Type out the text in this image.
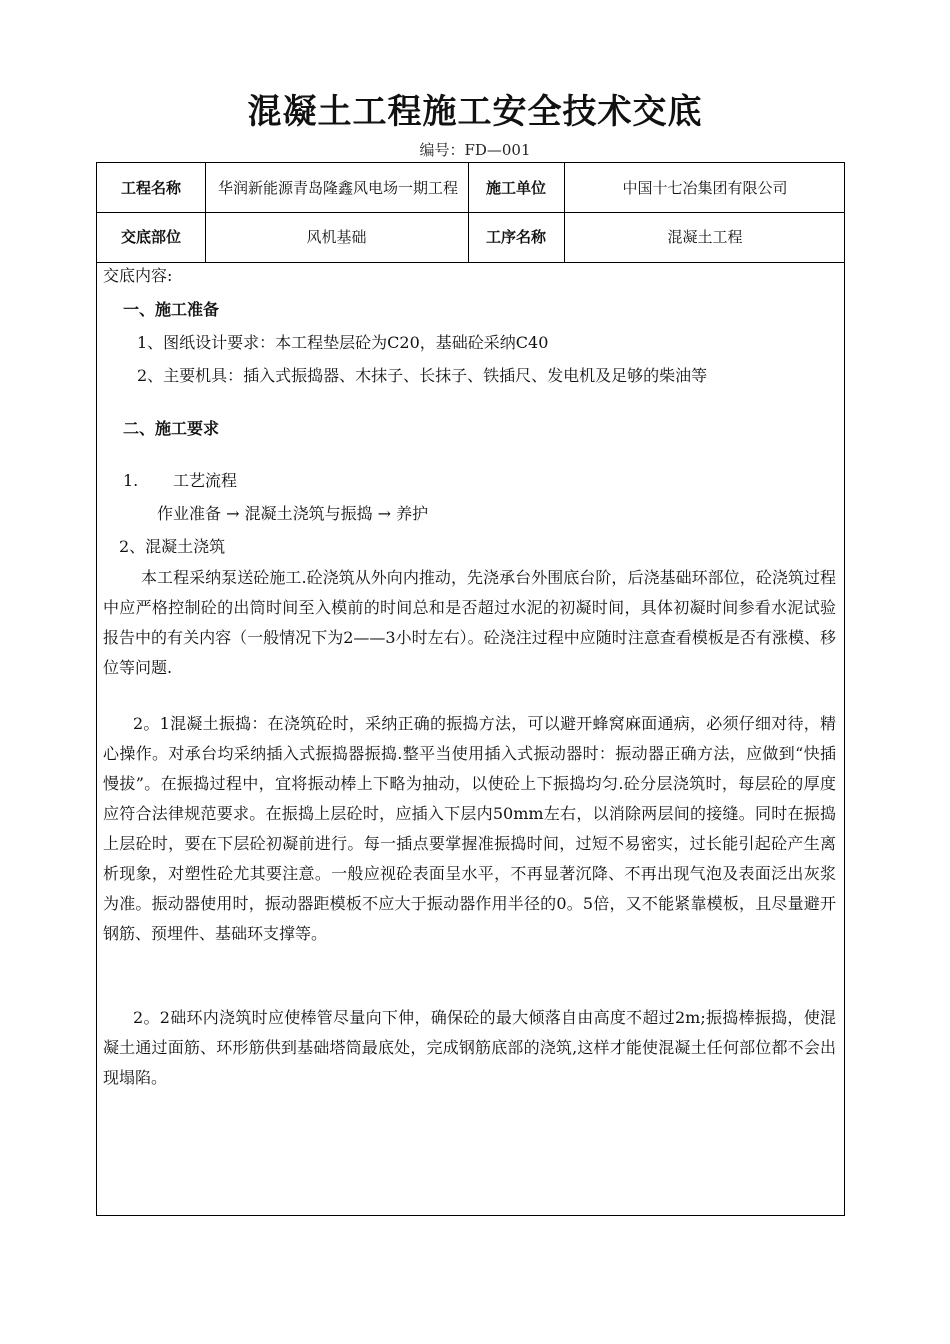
混凝土工程施工安全技术交底
编号：FD—001
工程名称	华润新能源青岛隆鑫风电场一期工程	施工单位	中国十七冶集团有限公司
交底部位	风机基础	工序名称	混凝土工程
交底内容:
一、施工准备
1、图纸设计要求：本工程垫层砼为C20，基础砼采纳C40
2、主要机具：插入式振捣器、木抹子、长抹子、铁插尺、发电机及足够的柴油等
二、施工要求
1. 工艺流程
作业准备 → 混凝土浇筑与振捣 → 养护
2、混凝土浇筑
本工程采纳泵送砼施工.砼浇筑从外向内推动，先浇承台外围底台阶，后浇基础环部位，砼浇筑过程中应严格控制砼的出筒时间至入模前的时间总和是否超过水泥的初凝时间，具体初凝时间参看水泥试验报告中的有关内容（一般情况下为2——3小时左右）。砼浇注过程中应随时注意查看模板是否有涨模、移位等问题.
2。1混凝土振捣：在浇筑砼时，采纳正确的振捣方法，可以避开蜂窝麻面通病，必须仔细对待，精心操作。对承台均采纳插入式振捣器振捣.整平当使用插入式振动器时：振动器正确方法，应做到“快插慢拔”。在振捣过程中，宜将振动棒上下略为抽动，以使砼上下振捣均匀.砼分层浇筑时，每层砼的厚度应符合法律规范要求。在振捣上层砼时，应插入下层内50mm左右，以消除两层间的接缝。同时在振捣上层砼时，要在下层砼初凝前进行。每一插点要掌握准振捣时间，过短不易密实，过长能引起砼产生离析现象，对塑性砼尤其要注意。一般应视砼表面呈水平，不再显著沉降、不再出现气泡及表面泛出灰浆为准。振动器使用时，振动器距模板不应大于振动器作用半径的0。5倍，又不能紧靠模板，且尽量避开钢筋、预埋件、基础环支撑等。
2。2础环内浇筑时应使棒管尽量向下伸，确保砼的最大倾落自由高度不超过2m;振捣棒振捣，使混凝土通过面筋、环形筋供到基础塔筒最底处，完成钢筋底部的浇筑,这样才能使混凝土任何部位都不会出现塌陷。
